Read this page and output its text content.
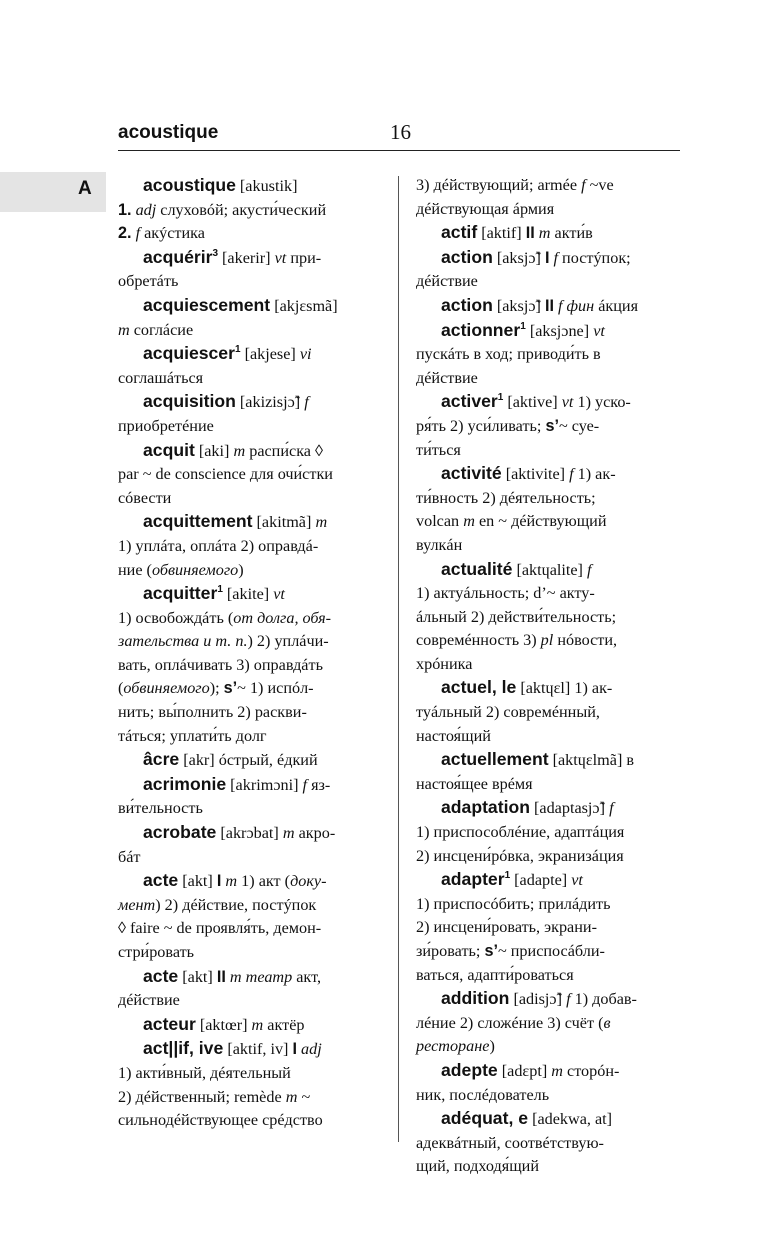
acoustique	16
A	acoustique [akustik]
1. adj слуховóй; акусти́ческий
2. f акýстика
acquérir$^3$ [akerir] vt при-
обретáть
acquiescement [akjɛsmã]
m соглáсие
acquiescer$^1$ [akjese] vi
соглашáться
acquisition [akizisjɔ̃] f
приобретéние
acquit [aki] m распи́ска ◊
par ~ de conscience для очи́стки
сóвести
acquittement [akitmã] m
1) уплáта, оплáта 2) оправдá-
ние (обвиняемого)
acquitter$^1$ [akite] vt
1) освобождáть (от долга, обя-
зательства и т. п.) 2) уплáчи-
вать, оплáчивать 3) оправдáть
(обвиняемого); s’~ 1) испóл-
нить; вы́полнить 2) раскви-
тáться; уплати́ть долг
âcre [akr] óстрый, éдкий
acrimonie [akrimɔni] f яз-
ви́тельность
acrobate [akrɔbat] m акро-
бáт
acte [akt] I m 1) акт (доку-
мент) 2) дéйствие, постýпок
◊ faire ~ de проявля́ть, демон-
стри́ровать
acte [akt] II m театр акт,
дéйствие
acteur [aktœr] m актёр
act||if, ive [aktif, iv] I adj
1) акти́вный, дéятельный
2) дéйственный; remède m ~
сильнодéйствующее срéдство
3) дéйствующий; armée f ~ve
дéйствующая áрмия
actif [aktif] II m акти́в
action [aksjɔ̃] I f постýпок;
дéйствие
action [aksjɔ̃] II f фин áкция
actionner$^1$ [aksjɔne] vt
пускáть в ход; приводи́ть в
дéйствие
activer$^1$ [aktive] vt 1) уско-
ря́ть 2) уси́ливать; s’~ суе-
ти́ться
activité [aktivite] f 1) ак-
ти́вность 2) дéятельность;
volcan m en ~ дéйствующий
вулкáн
actualité [aktɥalite] f
1) актуáльность; d’~ акту-
áльный 2) действи́тельность;
совремéнность 3) pl нóвости,
хрóника
actuel, le [aktɥɛl] 1) ак-
туáльный 2) совремéнный,
настоя́щий
actuellement [aktɥɛlmã] в
настоя́щее врéмя
adaptation [adaptasjɔ̃] f
1) приспособлéние, адаптáция
2) инсцени́рóвка, экранизáция
adapter$^1$ [adapte] vt
1) приспосóбить; прилáдить
2) инсцени́ровать, экрани-
зи́ровать; s’~ приспосáбли-
ваться, адапти́роваться
addition [adisjɔ̃] f 1) добав-
лéние 2) сложéние 3) счёт (в
ресторане)
adepte [adɛpt] m сторóн-
ник, послéдователь
adéquat, e [adekwa, at]
адеквáтный, соотвéтствую-
щий, подходя́щий
